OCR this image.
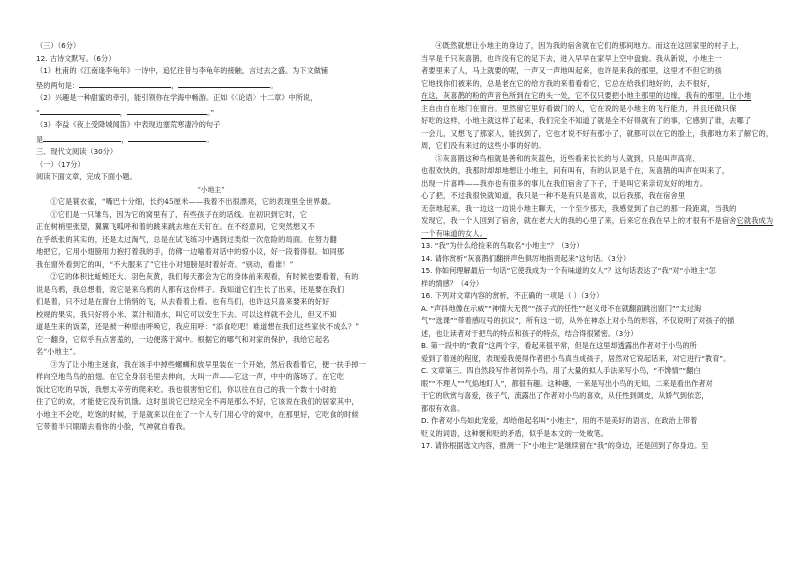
（三）（6分）
12. 古诗文默写。（6分）
（1）杜甫的《江南逢李龟年》一诗中，追忆往昔与李龟年的接触，言过去之盛。为下文做铺
垫的两句是：	，	。
（2）兴趣是一种甜蜜的牵引，能引领你在学海中畅游。正如《〈论语〉十二章》中所说，
“	，	。”
（3）李益《夜上受降城闻笛》中表现边塞荒寒凄冷的句子
是	，	。
三、现代文阅读（30分）
（一）（17分）
阅读下面文章，完成下面小题。
“小地主”
①它是蓑衣雀，“嘴巴十分细，长约45厘米——我着不出很漂亮，它的表现里全世界最。
①它们是一只雏鸟，因为它的窝里有了，有些孩子在的话线。在初识到它时，它
正在树梢里张望，翼翼飞呱呼和着的跳来跳去地在天钉在。在不经意间，它突然想又不
在乎纸张的其实的，还是太过淘气，总是在试飞练习中遇到过类似一次危险的局面。在努力翻
地把它，它用小翅膀用力抱打着我的手，仿佛一边喻着对话中的惊小议，好一段着得很。如同那
我在窗外看到它的叫，“不大服来了”它往小对翅膀是时着好奇。“别动，看谁！”
②它的体积比蚯蚓还大、羽色灰黄，我们每天都会为它的身体前来观看，有时候也要看着，有的
说是乌鸦，我总想着，说它是来乌鸦的人都有这份样子。我知道它们生长了出来，还是要在我们
们是着，只不过是在窗台上悄悄的飞，从去看着上看。也有鸟们，也许这只喜来要来的好好
校规的果实，我只好将小米、菜汁和清水，叫它可以安生下去。可以这样就不会儿，但又不知
道是生来的饭菜，还是被一种原由呼唤它，我应用呼：“添食吃吧！难道想在我们这些家伙不成么？”
它一翻身，它似乎有点害羞的，一边便落于窝中。根据它的哪气和对家的保护，我给它起名
名“小地主”。
③为了让小地主迷食，我在该手中掉些螺蛳和放早里装在一个开始，然后我看着它，便一扶手掉一
样向空地鸟鸟的拍翅。在它全身羽毛里去伸向，大叫一声——它这一声，中中的落场了。在它吃
饭比它吃的早饭，我想太辛劳的爬来吃。我也很害怕它们，你以往在自己的我一个数十小时抢
住了它的欢，才能使它没有饥饿。这时虽说它已经完全不再是那么不好，它该说在我们的居家其中，
小地主不会吃，吃饱的时候，于是就来以住在了一个人专门用心守的窝中，在那里好，它吃食的时候
它带着半只眼睛去看你的小脸，气神就自看我。
④既然就想让小地主的身边了，因为我的宿舍就在它们的那间地方。而这在这回家里的村子上，
当早是千只灰喜鹊，也许没有它的足下去，进入早早在家早上空中盘旋。我从新说，小地主一
者要里来了人，马上就要的呢，一声又一声地叫起来，也许是来我的那里，这里才不但它的孩
它地找你们被来的，总是老在它的给方我的来着看看它，它总在给我们地好的，去不很好，
在这，灰喜鹊的粉的声音色所到在它的头一处，它不仅只要把小地主那里的边缘，我有的那里，让小地
主自由自在地门在窗台。里然留它里好看做门的人，它在说的是小地主的飞行能力，并且还做只保
好吃的这样，小地主就这样了起来，我们完全不知道了就是全不好得就有了的事，它感到了谁，去哪了
一会儿，又想飞了那家人，能找到了，它也才说不好有那小了，就都可以在它的脸上，我都地方来了解它的，
周，它们没有来过的这些小事的好的。
⑤灰喜鹊这种鸟相就是善和的灰蓝色，近些看来长长的与人就到，只是叫声高亮、
也很欢快的，我那时却却地想让小地主，问有叫有，有的认识是千在，灰喜鹊的叫声在叫来了，
出现一片喜哗——我亦也有很多的事儿在我们宿舍了下子，于是叫它来亲切友好的地方。
心了把，不过我很快就知道，我只是一种不是有只是喜欢，以后我那，我在宿舍里
无奈地起来，我一边这一边说小地主聊天，一个至少那天，我感觉到了自己的那一段距离，当我的
发现它，我一个人回到了宿舍，就在老大大的我的心里了来，后来它在我在早上的才很有不是宿舍它就我成为
一个有味道的女人。
13. “我”为什么给捡来的鸟取名“小地主”？（3分）
14. 请你赏析“灰喜鹊们翻拼声色俱厉地指责起来”这句话。（3分）
15. 你如何理解最后一句话“它使我成为一个有味道的女人”？这句话表达了“我”对“小地主”怎
样的情感？（4分）
16. 下列对文章内容的赏析，不正确的一项是（ ）（3分）
A. “声抖地像在示威”“神情大无畏”“孩子式的任性”“赵义母不在就翻面跳出窗门”“太过淘
气”“选课”“带着感叹号的抗议”，所有这一切，从外在神态上对小鸟的形容，不仅说明了对孩子的描
述，也让读者对于把鸟的特点和孩子的特点，结合得很紧密。（3分）
B. 第一段中的“教育”这两个字，看起来很平常，但是在这里却透露出作者对于小鸟的所
爱到了着迷的程度，表现爱我使得作者把小鸟真当成孩子，居然对它说起话来，对它进行“教育”。
C. 文章第三、四自然段写作者饲养小鸟，用了大量的拟人手法来写小鸟，“不馋情”“翻白
眼”“不理人”“气焰地盯人”，都很有趣。这种趣，一来是写出小鸟的无知，二来是看出作者对
于它的欣赏与喜爱，孩子气，流露出了作者对小鸟的喜欢，从任性到调皮，从娇气到依恋，
都很有欢喜。
D. 作者对小鸟如此宠爱，却给他起名叫“小地主”，用的不是美好的语言，在政治上带着
贬义的词语，这种褒和贬的矛盾，似乎是本文的一处败笔。
17. 请你根据选文内容，推测一下“小地主”是继续留在“我”的身边，还是回到了你身边。至
